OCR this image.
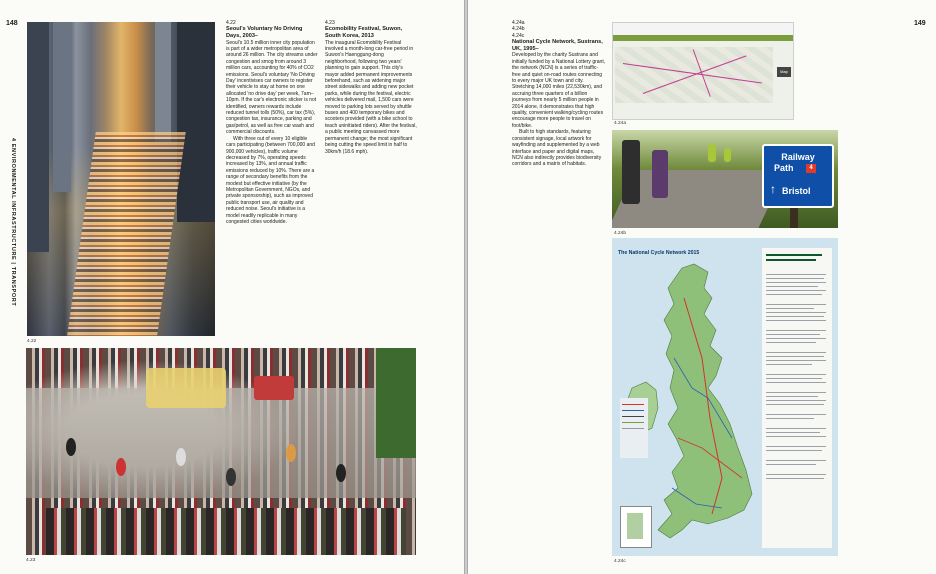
148
4 ENVIRONMENTAL INFRASTRUCTURE | TRANSPORT
4.22

4.22

Seoul's Voluntary No Driving Days, 2003–

Seoul's 10.5 million inner city population is part of a wider metropolitan area of around 26 million. The city streams under congestion and smog from around 3 million cars, accounting for 40% of CO2 emissions. Seoul's voluntary 'No Driving Day' incentivises car owners to register their vehicle to stay at home on one allocated 'no drive day' per week, 7am–10pm. If the car's electronic sticker is not identified, owners rewards include reduced tunnel tolls (50%), car tax (5%), congestion tax, insurance, parking and gas/petrol, as well as free car wash and commercial discounts.

With three out of every 10 eligible cars participating (between 700,000 and 900,000 vehicles), traffic volume decreased by 7%, operating speeds increased by 13%, and annual traffic emissions reduced by 10%. There are a range of secondary benefits from the modest but effective initiative (by the Metropolitan Government, NGOs, and private sponsorship), such as improved public transport use, air quality and reduced noise. Seoul's initiative is a model readily replicable in many congested cities worldwide.

4.23

Ecomobility Festival, Suwon, South Korea, 2013

The inaugural Ecomobility Festival involved a month-long car-free period in Suwon's Haenggung-dong neighborhood, following two years' planning to gain support. This city's mayor added permanent improvements beforehand, such as widening major street sidewalks and adding new pocket parks, while during the festival, electric vehicles delivered mail, 1,500 cars were moved to parking lots served by shuttle buses and 400 temporary bikes and scooters provided (with a bike school to teach uninitiated riders). After the festival, a public meeting canvassed more permanent change; the most significant being cutting the speed limit in half to 30km/h (18.6 mph).

4.23
149

4.24a

4.24b

4.24c

National Cycle Network, Sustrans, UK, 1995–

Developed by the charity Sustrans and initially funded by a National Lottery grant, the network (NCN) is a series of traffic-free and quiet on-road routes connecting to every major UK town and city. Stretching 14,000 miles (22,530km), and accruing three quarters of a billion journeys from nearly 5 million people in 2014 alone, it demonstrates that high quality, convenient walking/cycling routes encourage more people to travel on foot/bike.

Built to high standards, featuring consistent signage, local artwork for wayfinding and supplemented by a web interface and paper and digital maps, NCN also indirectly provides biodiversity corridors and a matrix of habitats.

Map
4.24a
Railway
Path	4
↑ Bristol
4.24b
The National Cycle Network 2015
4.24c
